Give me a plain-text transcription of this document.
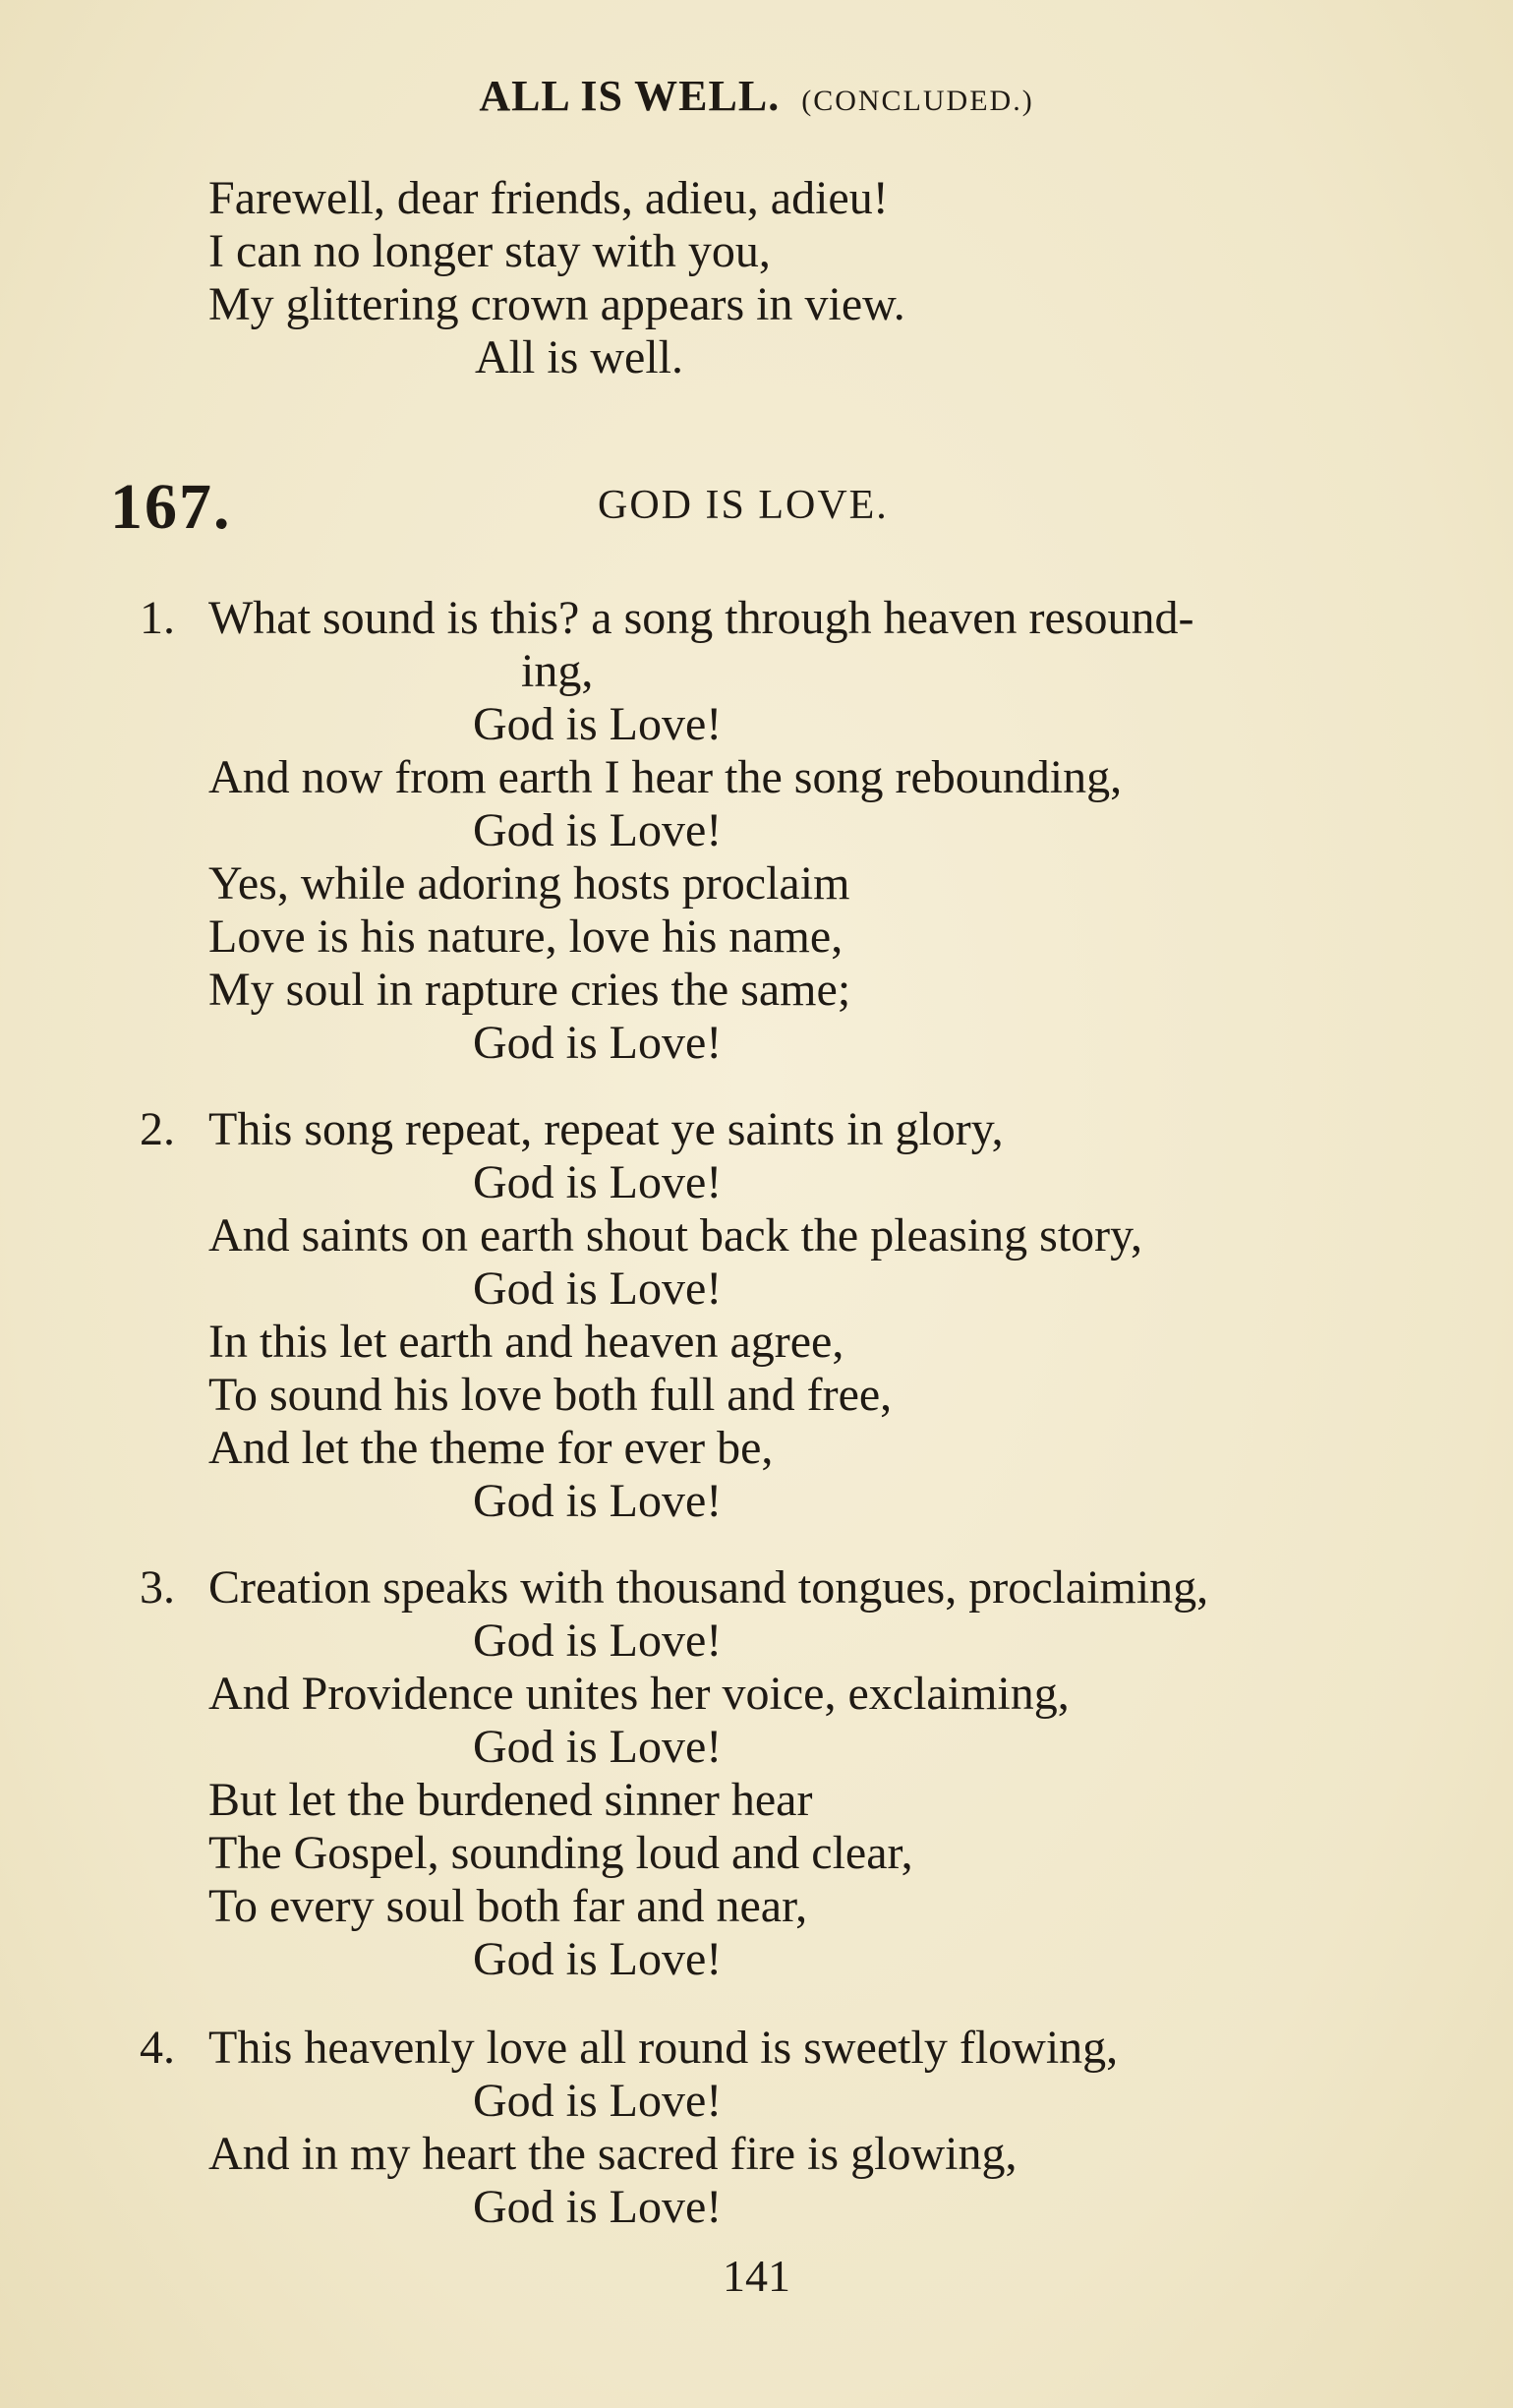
ALL IS WELL. (CONCLUDED.)
Farewell, dear friends, adieu, adieu!
I can no longer stay with you,
My glittering crown appears in view.
All is well.
167.	GOD IS LOVE.
1. What sound is this? a song through heaven resound-
ing,
God is Love!
And now from earth I hear the song rebounding,
God is Love!
Yes, while adoring hosts proclaim
Love is his nature, love his name,
My soul in rapture cries the same;
God is Love!
2. This song repeat, repeat ye saints in glory,
God is Love!
And saints on earth shout back the pleasing story,
God is Love!
In this let earth and heaven agree,
To sound his love both full and free,
And let the theme for ever be,
God is Love!
3. Creation speaks with thousand tongues, proclaiming,
God is Love!
And Providence unites her voice, exclaiming,
God is Love!
But let the burdened sinner hear
The Gospel, sounding loud and clear,
To every soul both far and near,
God is Love!
4. This heavenly love all round is sweetly flowing,
God is Love!
And in my heart the sacred fire is glowing,
God is Love!
141
